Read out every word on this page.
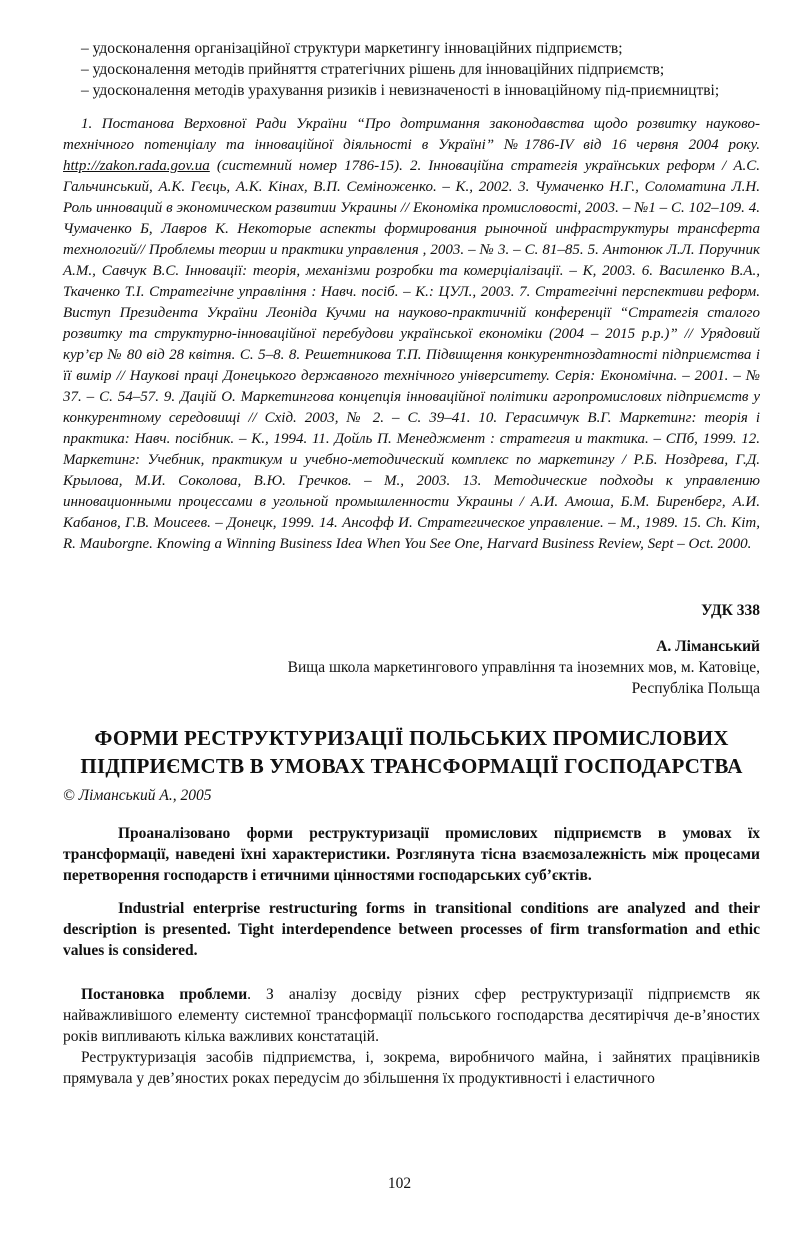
– удосконалення організаційної структури маркетингу інноваційних підприємств;
– удосконалення методів прийняття стратегічних рішень для інноваційних підприємств;
– удосконалення методів урахування ризиків і невизначеності в інноваційному під-приємництві;
1. Постанова Верховної Ради України “Про дотримання законодавства щодо розвитку науково-технічного потенціалу та інноваційної діяльності в Україні” №1786-IV від 16 червня 2004 року. http://zakon.rada.gov.ua (системний номер 1786-15). 2. Інноваційна стратегія українських реформ / А.С. Гальчинський, А.К. Геєць, А.К. Кінах, В.П. Семіноженко. – К., 2002. 3. Чумаченко Н.Г., Соломатина Л.Н. Роль инноваций в экономическом развитии Украины // Економіка промисловості, 2003. – №1 – С. 102–109. 4. Чумаченко Б, Лавров К. Некоторые аспекты формирования рыночной инфраструктуры трансферта технологий// Проблемы теории и практики управления , 2003. – № 3. – С. 81–85. 5. Антонюк Л.Л. Поручник А.М., Савчук В.С. Інновації: теорія, механізми розробки та комерціалізації. – К, 2003. 6. Василенко В.А., Ткаченко Т.І. Стратегічне управління : Навч. посіб. – К.: ЦУЛ., 2003. 7. Стратегічні перспективи реформ. Виступ Президента України Леоніда Кучми на науково-практичній конференції “Стратегія сталого розвитку та структурно-інноваційної перебудови української економіки (2004 – 2015 р.р.)” // Урядовий кур’єр № 80 від 28 квітня. С. 5–8. 8. Решетникова Т.П. Підвищення конкурентноздатності підприємства і її вимір // Наукові праці Донецького державного технічного університету. Серія: Економічна. – 2001. – № 37. – С. 54–57. 9. Дацій О. Маркетингова концепція інноваційної політики агропромислових підприємств у конкурентному середовищі // Схід. 2003, № 2. – С. 39–41. 10. Герасимчук В.Г. Маркетинг: теорія і практика: Навч. посібник. – К., 1994. 11. Дойль П. Менеджмент : стратегия и тактика. – СПб, 1999. 12. Маркетинг: Учебник, практикум и учебно-методический комплекс по маркетингу / Р.Б. Ноздрева, Г.Д. Крылова, М.И. Соколова, В.Ю. Гречков. – М., 2003. 13. Методические подходы к управлению инновационными процессами в угольной промышленности Украины / А.И. Амоша, Б.М. Биренберг, А.И. Кабанов, Г.В. Моисеев. – Донецк, 1999. 14. Ансофф И. Стратегическое управление. – М., 1989. 15. Ch. Kim, R. Mauborgne. Knowing a Winning Business Idea When You See One, Harvard Business Review, Sept – Oct. 2000.
УДК 338
А. Ліманський
Вища школа маркетингового управління та іноземних мов, м. Катовіце,
Республіка Польща
ФОРМИ РЕСТРУКТУРИЗАЦІЇ ПОЛЬСЬКИХ ПРОМИСЛОВИХ
ПІДПРИЄМСТВ В УМОВАХ ТРАНСФОРМАЦІЇ ГОСПОДАРСТВА
© Ліманський А., 2005
Проаналізовано форми реструктуризації промислових підприємств в умовах їх трансформації, наведені їхні характеристики. Розглянута тісна взаємозалежність між процесами перетворення господарств і етичними цінностями господарських суб’єктів.
Industrial enterprise restructuring forms in transitional conditions are analyzed and their description is presented. Tight interdependence between processes of firm transformation and ethic values is considered.
Постановка проблеми. З аналізу досвіду різних сфер реструктуризації підприємств як найважливішого елементу системної трансформації польського господарства десятиріччя де-в’яностих років випливають кілька важливих констатацій.
Реструктуризація засобів підприємства, і, зокрема, виробничого майна, і зайнятих працівників прямувала у дев’яностих роках передусім до збільшення їх продуктивності і еластичного
102
